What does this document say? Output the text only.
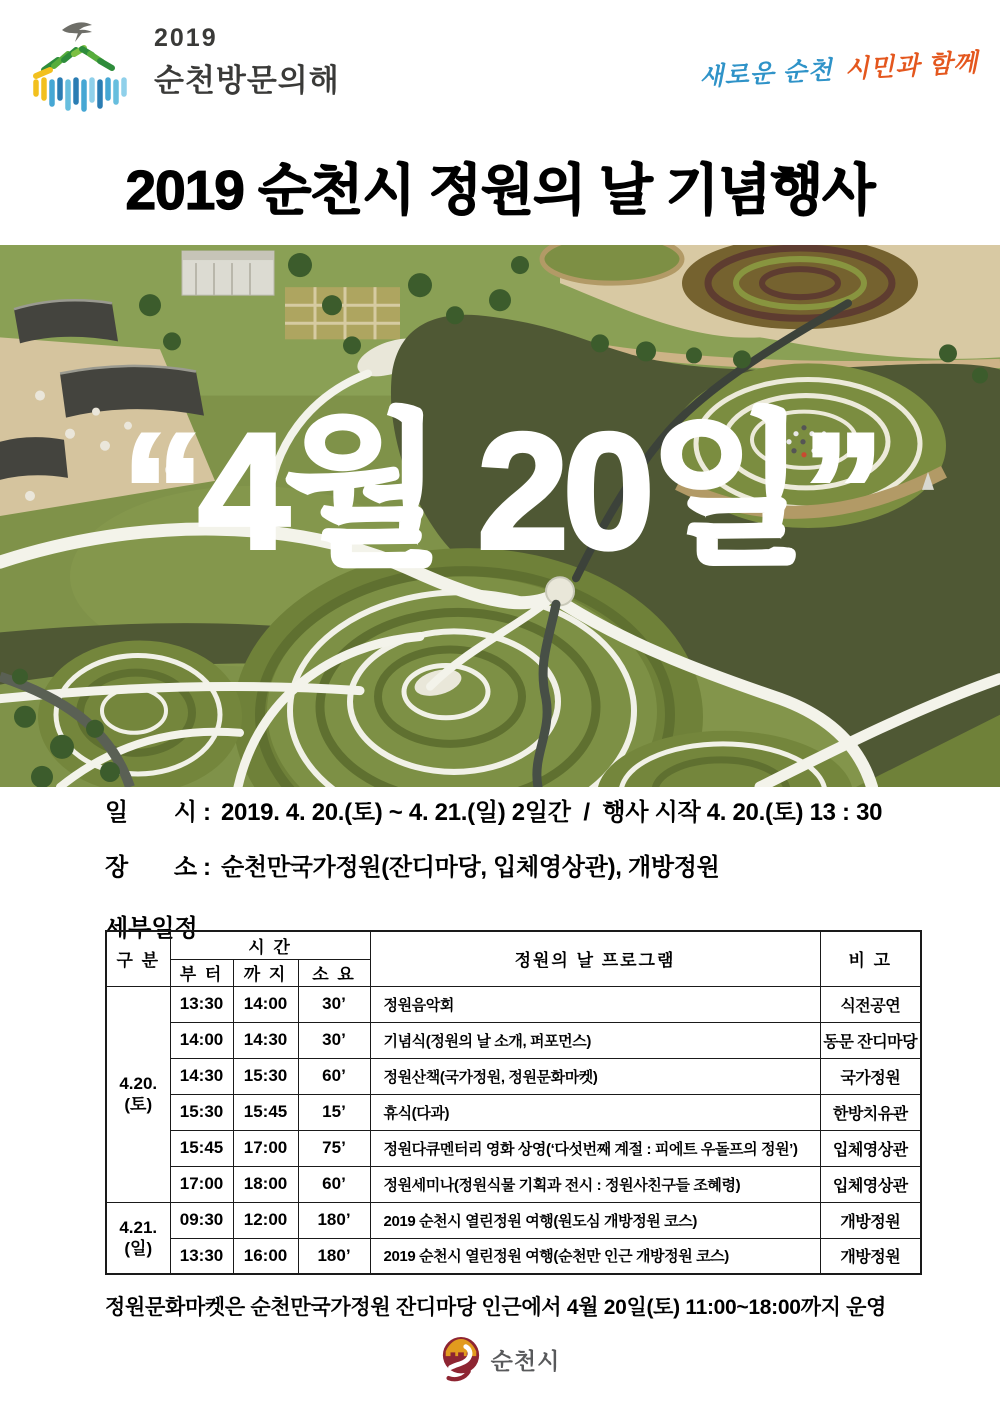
2019
순천방문의해	새로운 순천 시민과 함께
2019 순천시 정원의 날 기념행사
“4월 20일”
일 시 : 2019. 4. 20.(토) ~ 4. 21.(일) 2일간  /  행사 시작 4. 20.(토) 13 : 30
장 소 : 순천만국가정원(잔디마당, 입체영상관), 개방정원
세부일정
구 분	시 간			정원의 날 프로그램	비 고
	부 터	까 지	소 요		

4.20.
(토)	13:30	14:00	30’	정원음악회	식전공연
	14:00	14:30	30’	기념식(정원의 날 소개, 퍼포먼스)	동문 잔디마당
	14:30	15:30	60’	정원산책(국가정원, 정원문화마켓)	국가정원
	15:30	15:45	15’	휴식(다과)	한방치유관
	15:45	17:00	75’	정원다큐멘터리 영화 상영(‘다섯번째 계절 : 피에트 우돌프의 정원’)	입체영상관
	17:00	18:00	60’	정원세미나(정원식물 기획과 전시 : 정원사친구들 조혜령)	입체영상관

4.21.
(일)	09:30	12:00	180’	2019 순천시 열린정원 여행(원도심 개방정원 코스)	개방정원
	13:30	16:00	180’	2019 순천시 열린정원 여행(순천만 인근 개방정원 코스)	개방정원

정원문화마켓은 순천만국가정원 잔디마당 인근에서 4월 20일(토) 11:00~18:00까지 운영

순천시
